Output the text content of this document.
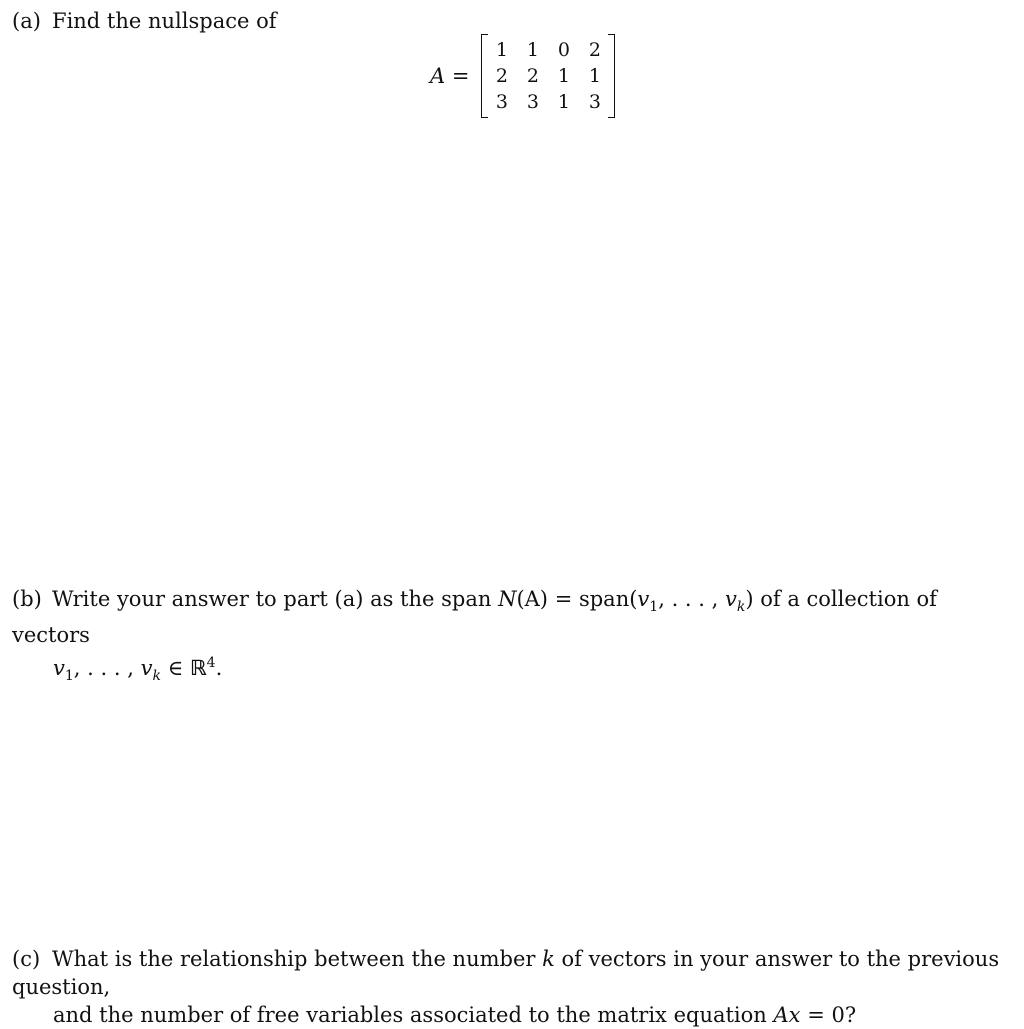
(a) Find the nullspace of
A =
1 1 0 2
2 2 1 1
3 3 1 3
(b) Write your answer to part (a) as the span $N(A) = span(v_1$, . . . , $v_k$) of a collection of vectors
$v_1$, . . . , $v_k$ ∈ ℝ$^4$.
(c) What is the relationship between the number k of vectors in your answer to the previous question,
and the number of free variables associated to the matrix equation Ax = 0?
